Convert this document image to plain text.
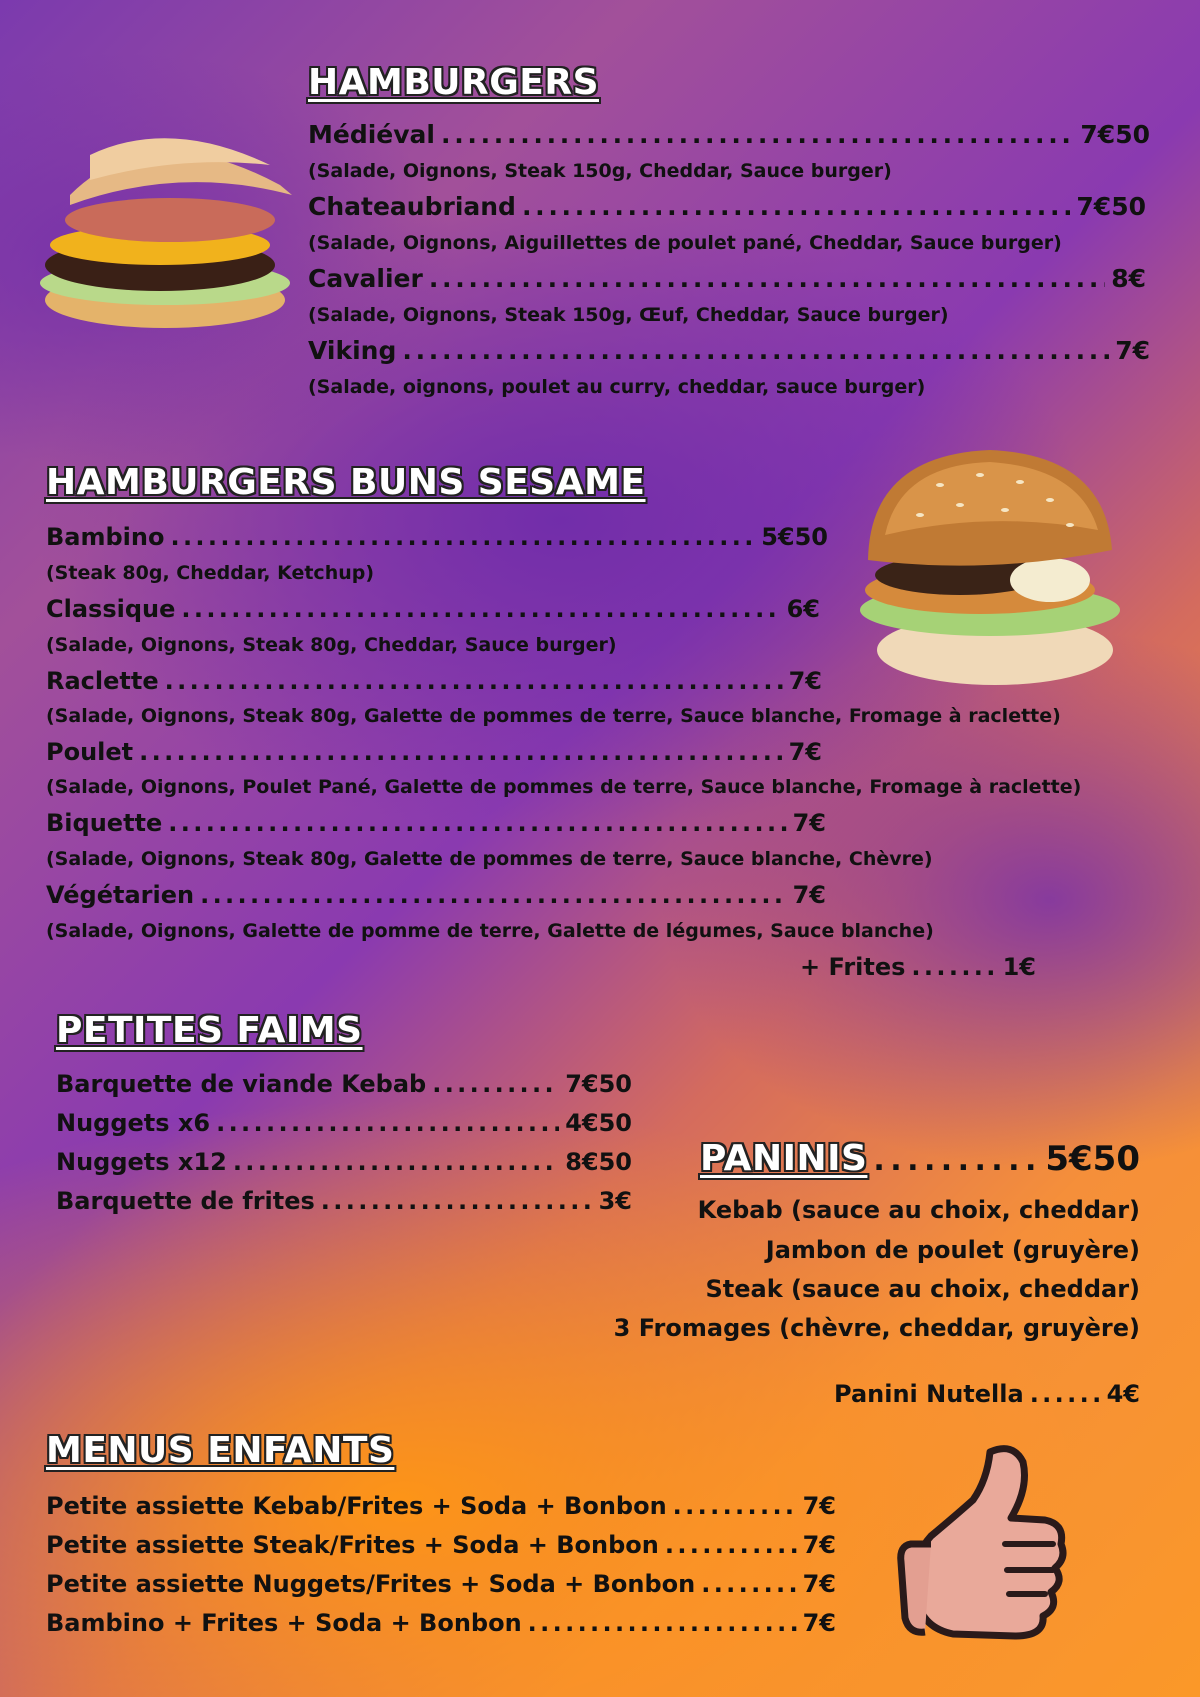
HAMBURGERS
Médiéval . . .	7€50
(Salade, Oignons, Steak 150g, Cheddar, Sauce burger)
Chateaubriand . . .	7€50
(Salade, Oignons, Aiguillettes de poulet pané, Cheddar, Sauce burger)
Cavalier . . .	8€
(Salade, Oignons, Steak 150g, Œuf, Cheddar, Sauce burger)
Viking . . .	7€
(Salade, oignons, poulet au curry, cheddar, sauce burger)
HAMBURGERS BUNS SESAME
Bambino . . .	5€50
(Steak 80g, Cheddar, Ketchup)
Classique . . .	6€
(Salade, Oignons, Steak 80g, Cheddar, Sauce burger)
Raclette . . .	7€
(Salade, Oignons, Steak 80g, Galette de pommes de terre, Sauce blanche, Fromage à raclette)
Poulet . . .	7€
(Salade, Oignons, Poulet Pané, Galette de pommes de terre, Sauce blanche, Fromage à raclette)
Biquette . . .	7€
(Salade, Oignons, Steak 80g, Galette de pommes de terre, Sauce blanche, Chèvre)
Végétarien . . .	7€
(Salade, Oignons, Galette de pomme de terre, Galette de légumes, Sauce blanche)
+ Frites . . .	1€
PETITES FAIMS
Barquette de viande Kebab . . .	7€50
Nuggets x6 . . .	4€50
Nuggets x12 . . .	8€50
Barquette de frites . . .	3€
PANINIS . . .	5€50
Kebab (sauce au choix, cheddar)
Jambon de poulet (gruyère)
Steak (sauce au choix, cheddar)
3 Fromages (chèvre, cheddar, gruyère)
Panini Nutella . . .	4€
MENUS ENFANTS
Petite assiette Kebab/Frites + Soda + Bonbon . . .	7€
Petite assiette Steak/Frites + Soda + Bonbon . . .	7€
Petite assiette Nuggets/Frites + Soda + Bonbon . . .	7€
Bambino + Frites + Soda + Bonbon . . .	7€
